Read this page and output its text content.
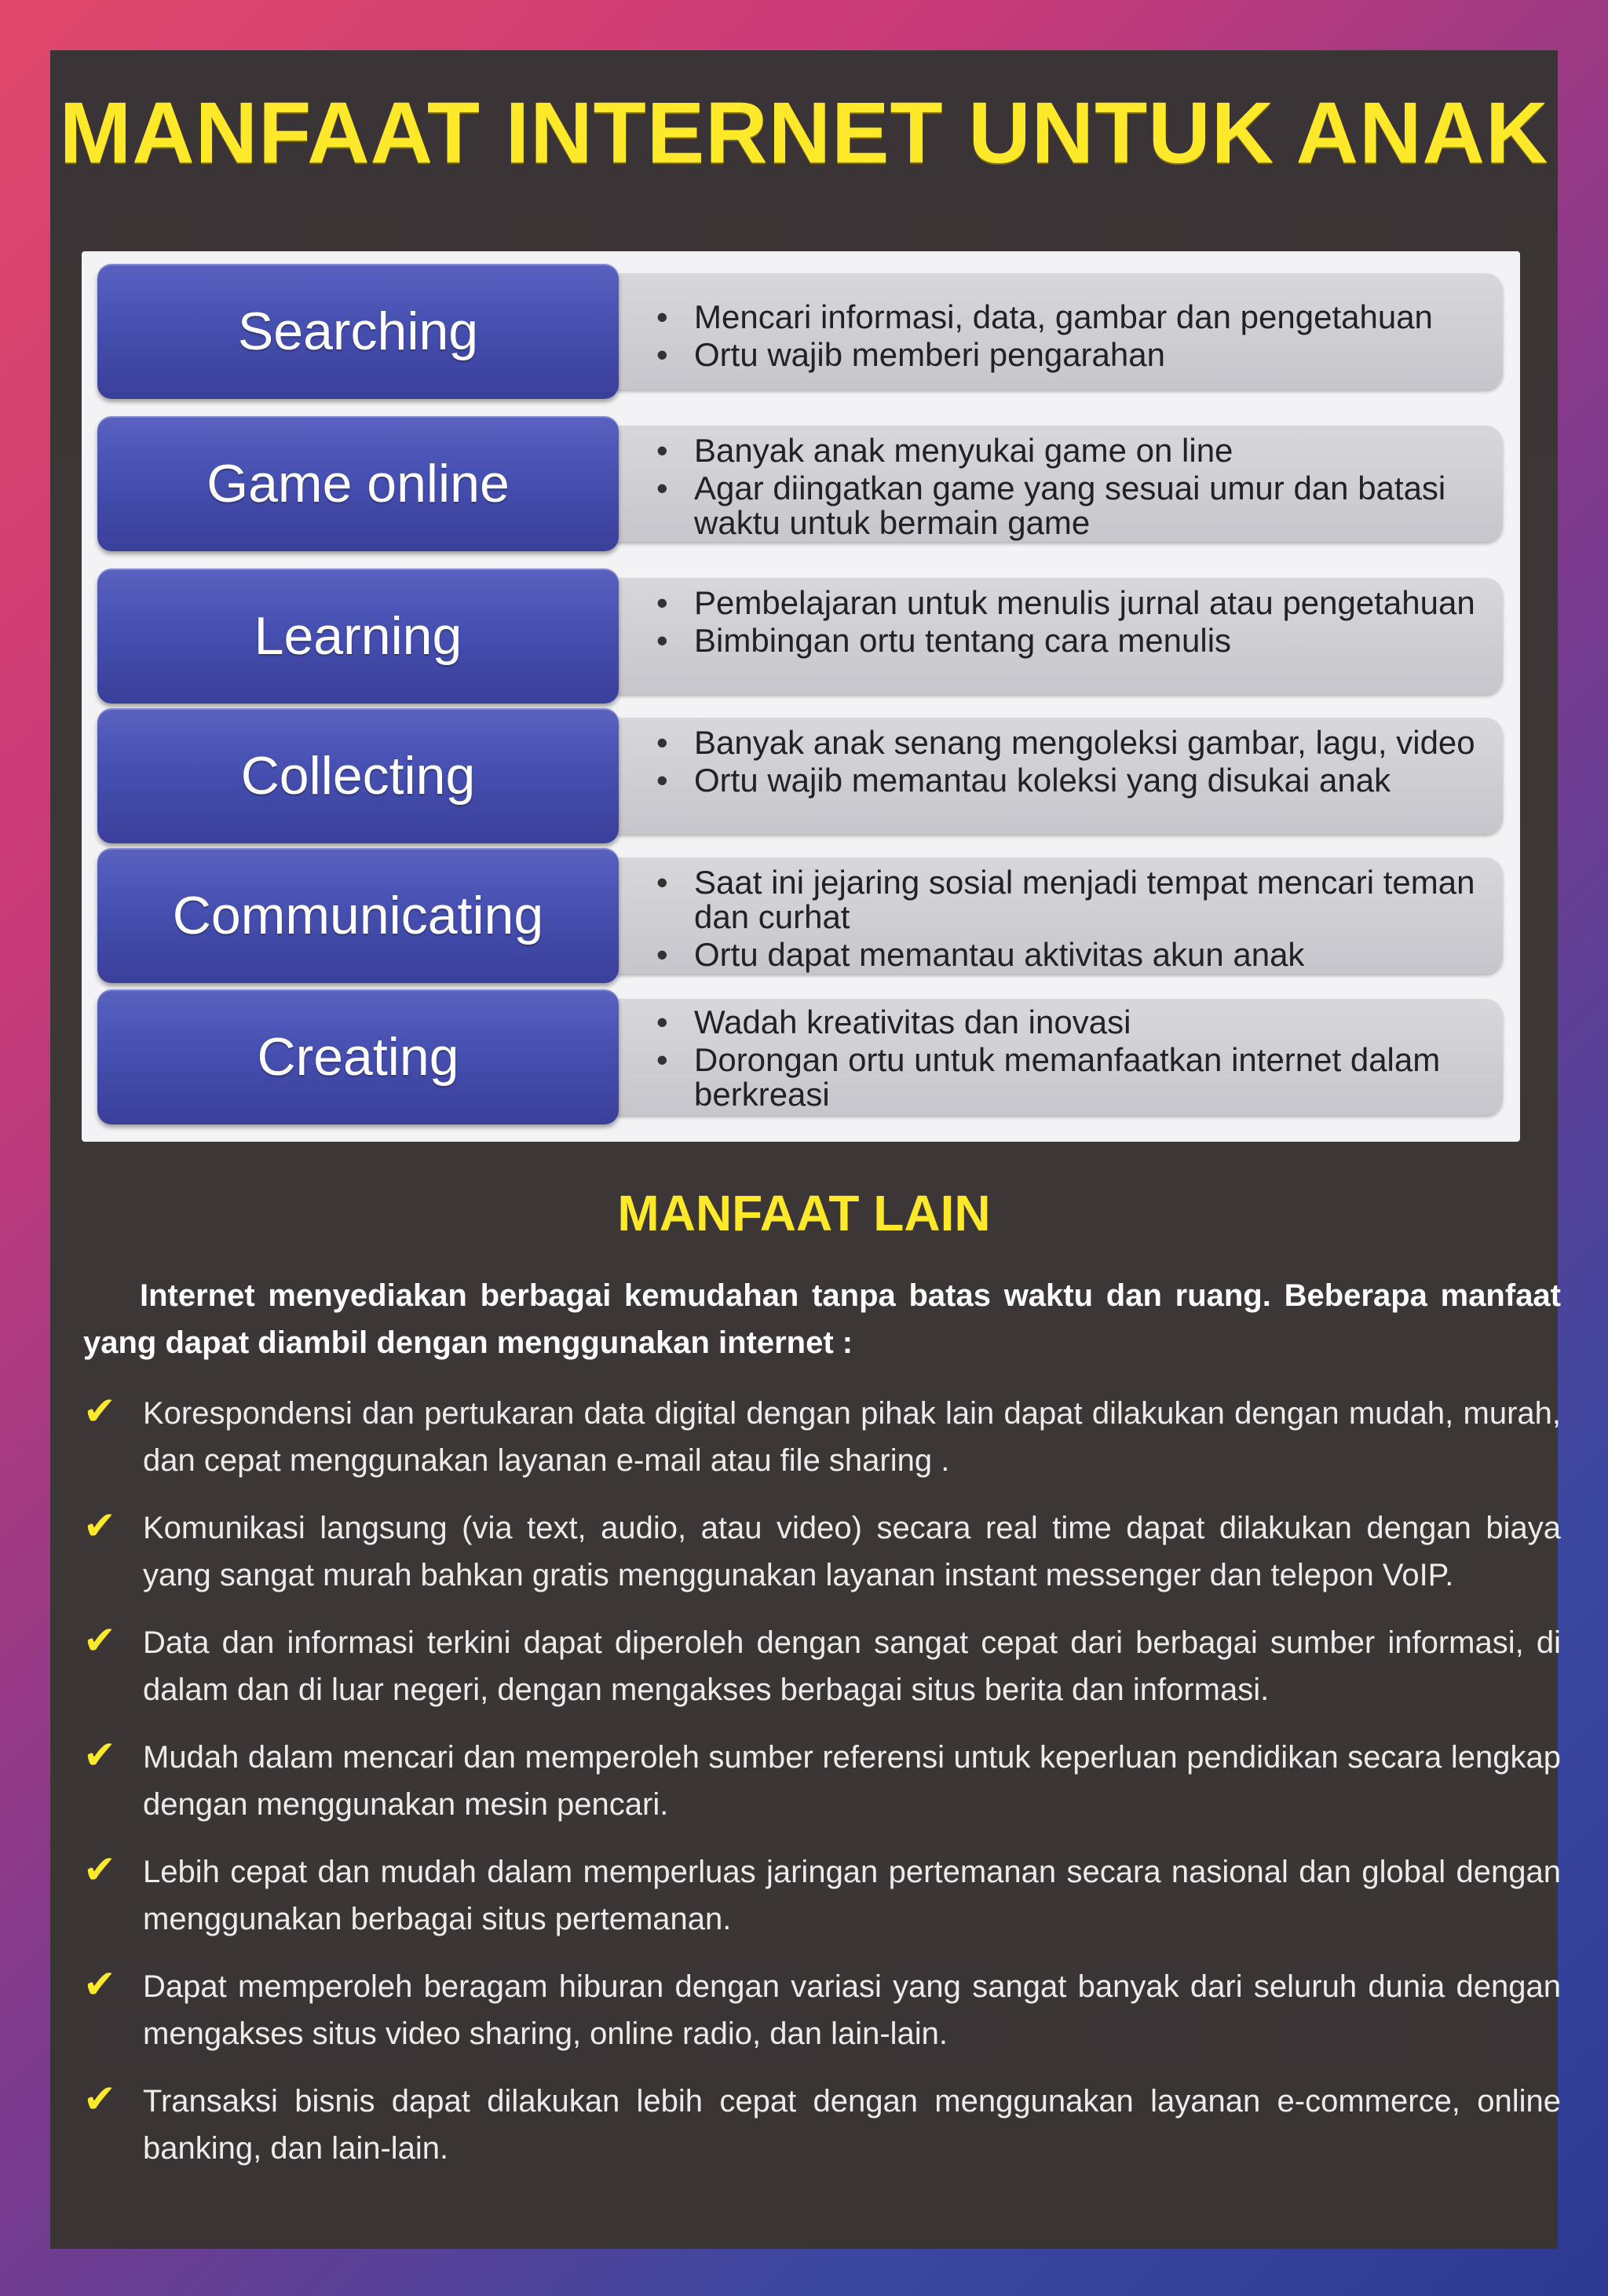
MANFAAT INTERNET UNTUK ANAK
Searching
•	Mencari informasi, data, gambar dan pengetahuan
• Ortu wajib memberi pengarahan
Game online
• Banyak anak menyukai game on line
• Agar diingatkan game yang sesuai umur dan batasi waktu untuk bermain game
Learning
• Pembelajaran untuk menulis jurnal atau pengetahuan
• Bimbingan ortu tentang cara menulis
Collecting
• Banyak anak senang mengoleksi gambar, lagu, video
• Ortu wajib memantau koleksi yang disukai anak
Communicating
• Saat ini jejaring sosial menjadi tempat mencari teman dan curhat
• Ortu dapat memantau aktivitas akun anak
Creating
• Wadah kreativitas dan inovasi
• Dorongan ortu untuk memanfaatkan internet dalam berkreasi
MANFAAT LAIN

Internet menyediakan berbagai kemudahan tanpa batas waktu dan ruang. Beberapa manfaat yang dapat diambil dengan menggunakan internet :

✔ Korespondensi dan pertukaran data digital dengan pihak lain dapat dilakukan dengan mudah, murah, dan cepat menggunakan layanan e-mail atau file sharing .
✔ Komunikasi langsung (via text, audio, atau video) secara real time dapat dilakukan dengan biaya yang sangat murah bahkan gratis menggunakan layanan instant messenger dan telepon VoIP.
✔ Data dan informasi terkini dapat diperoleh dengan sangat cepat dari berbagai sumber informasi, di dalam dan di luar negeri, dengan mengakses berbagai situs berita dan informasi.
✔ Mudah dalam mencari dan memperoleh sumber referensi untuk keperluan pendidikan secara lengkap dengan menggunakan mesin pencari.
✔ Lebih cepat dan mudah dalam memperluas jaringan pertemanan secara nasional dan global dengan menggunakan berbagai situs pertemanan.
✔ Dapat memperoleh beragam hiburan dengan variasi yang sangat banyak dari seluruh dunia dengan mengakses situs video sharing, online radio, dan lain-lain.
✔ Transaksi bisnis dapat dilakukan lebih cepat dengan menggunakan layanan e-commerce, online banking, dan lain-lain.
